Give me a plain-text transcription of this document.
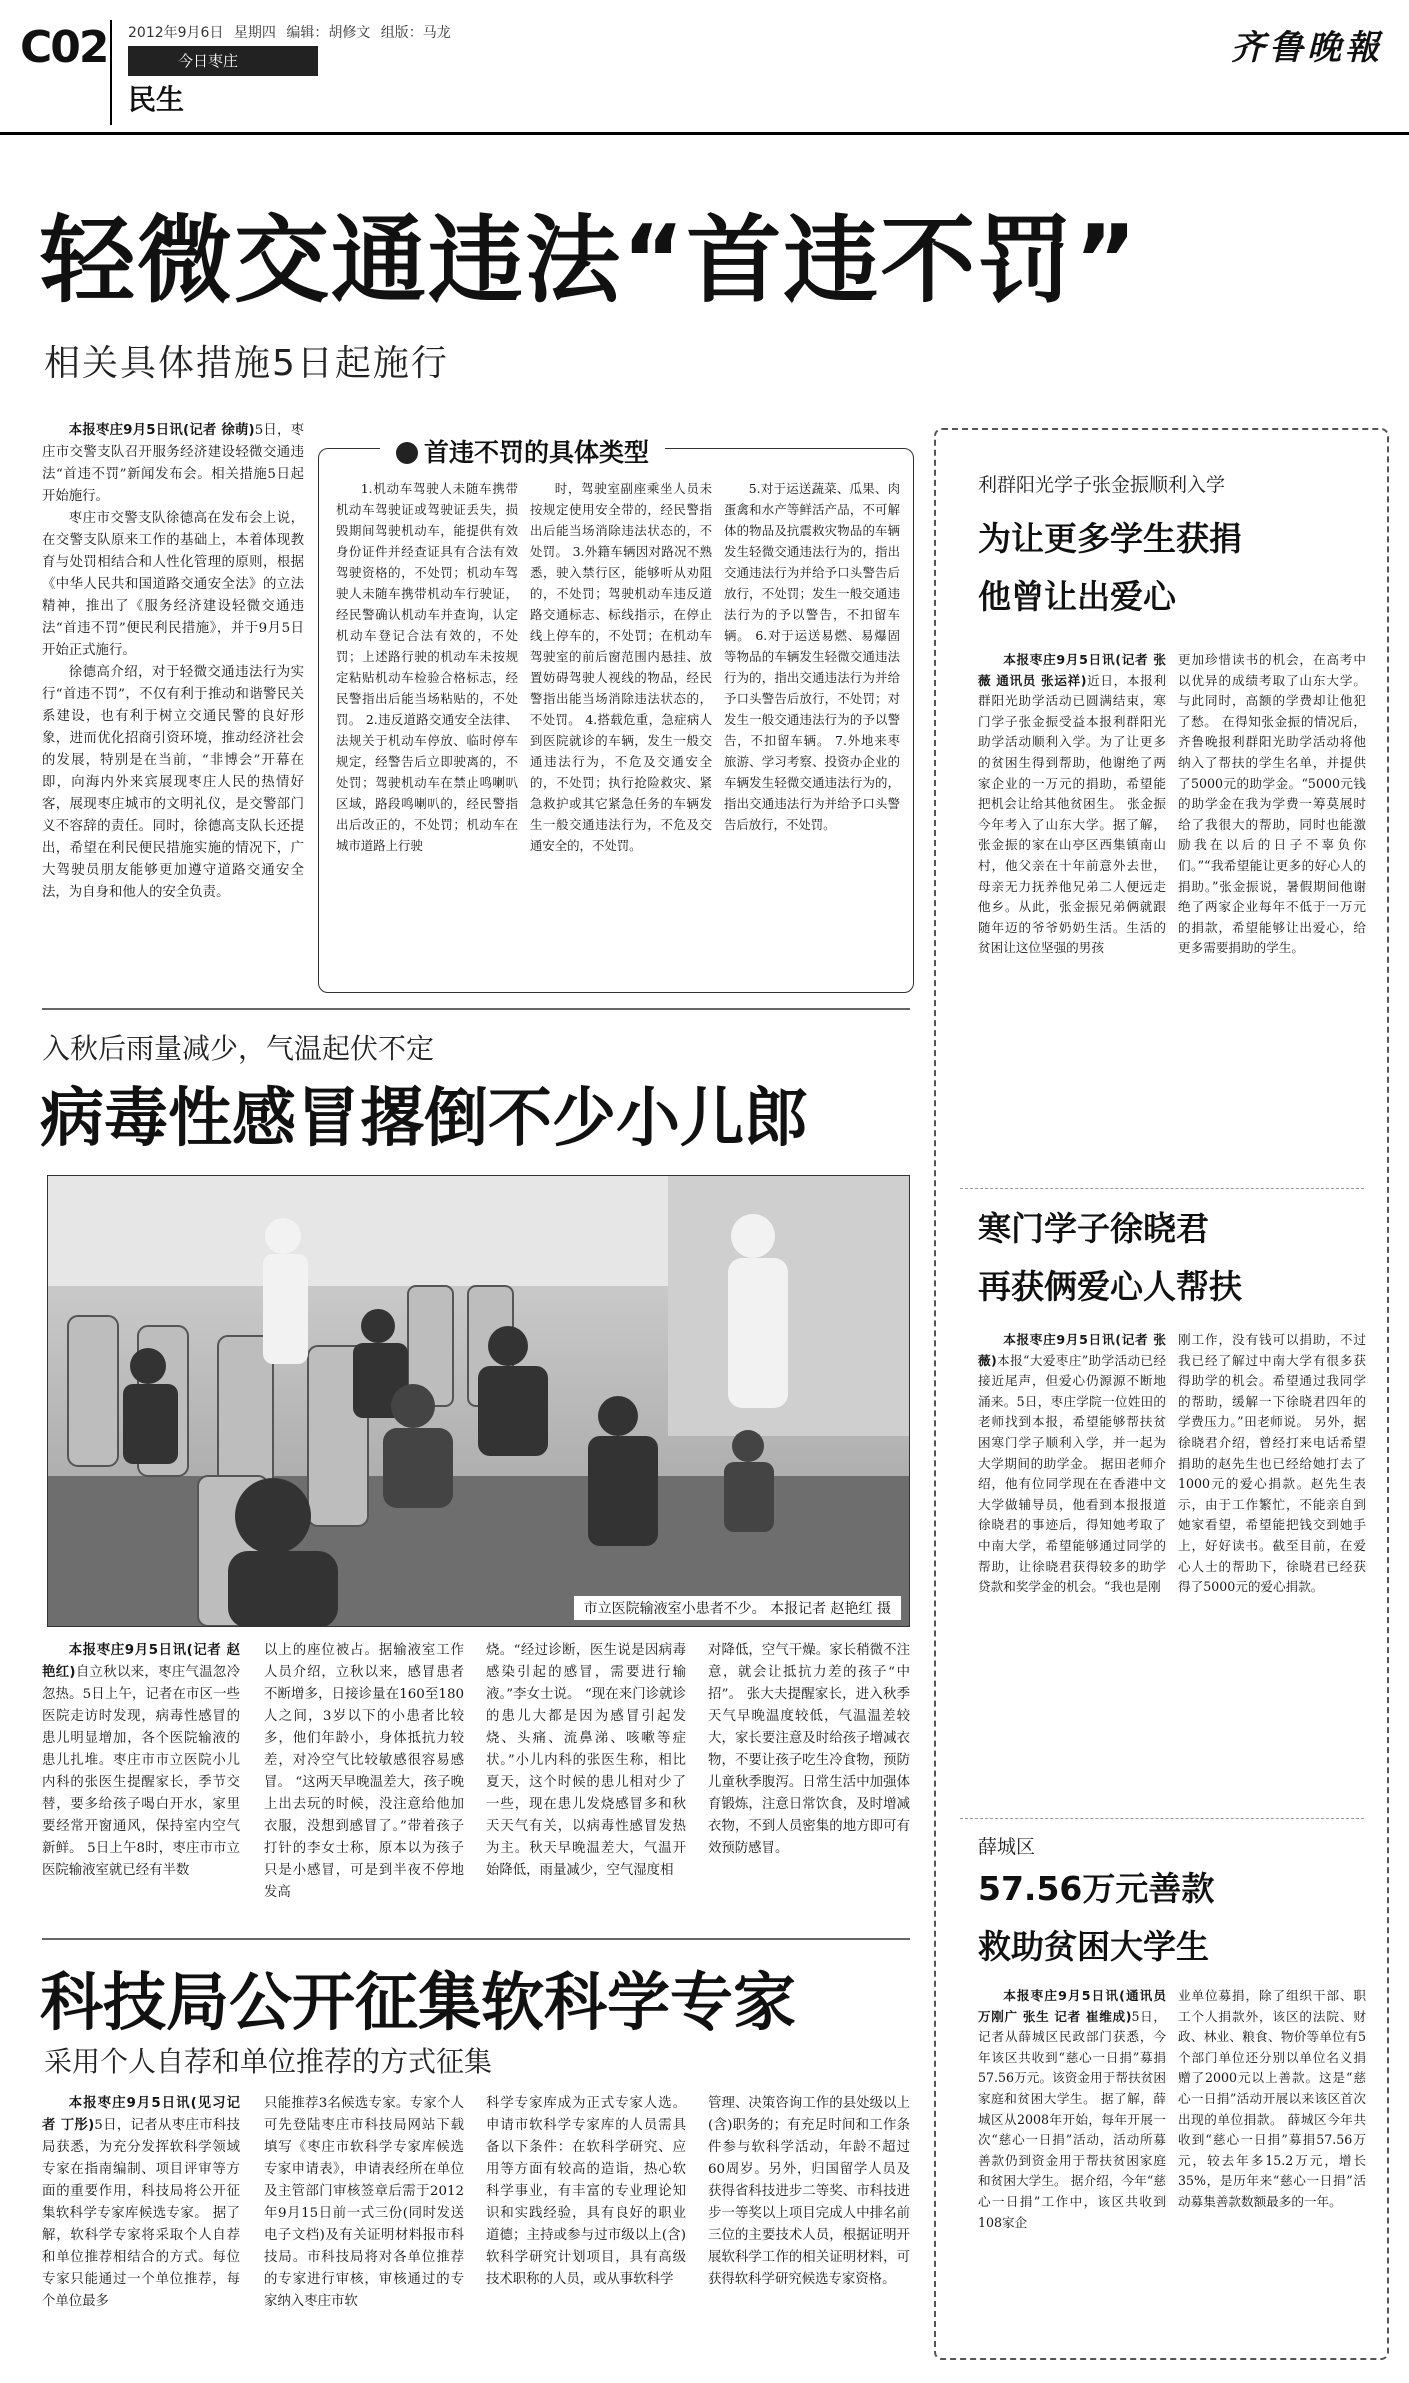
C02 2012年9月6日 星期四 编辑：胡修文 组版：马龙
今日枣庄
民生
齐鲁晚報
轻微交通违法“首违不罚”
相关具体措施5日起施行

本报枣庄9月5日讯(记者 徐萌)5日，枣庄市交警支队召开服务经济建设轻微交通违法“首违不罚”新闻发布会。相关措施5日起开始施行。

枣庄市交警支队徐德高在发布会上说，在交警支队原来工作的基础上，本着体现教育与处罚相结合和人性化管理的原则，根据《中华人民共和国道路交通安全法》的立法精神，推出了《服务经济建设轻微交通违法“首违不罚”便民利民措施》，并于9月5日开始正式施行。

徐德高介绍，对于轻微交通违法行为实行“首违不罚”，不仅有利于推动和谐警民关系建设，也有利于树立交通民警的良好形象，进而优化招商引资环境，推动经济社会的发展，特别是在当前，“非博会”开幕在即，向海内外来宾展现枣庄人民的热情好客，展现枣庄城市的文明礼仪，是交警部门义不容辞的责任。同时，徐德高支队长还提出，希望在利民便民措施实施的情况下，广大驾驶员朋友能够更加遵守道路交通安全法，为自身和他人的安全负责。

首违不罚的具体类型
1.机动车驾驶人未随车携带机动车驾驶证或驾驶证丢失，损毁期间驾驶机动车，能提供有效身份证件并经查证具有合法有效驾驶资格的，不处罚；机动车驾驶人未随车携带机动车行驶证，经民警确认机动车并查询，认定机动车登记合法有效的，不处罚；上述路行驶的机动车未按规定粘贴机动车检验合格标志，经民警指出后能当场粘贴的，不处罚。 2.违反道路交通安全法律、法规关于机动车停放、临时停车规定，经警告后立即驶离的，不处罚；驾驶机动车在禁止鸣喇叭区域，路段鸣喇叭的，经民警指出后改正的，不处罚；机动车在城市道路上行驶
时，驾驶室副座乘坐人员未按规定使用安全带的，经民警指出后能当场消除违法状态的，不处罚。 3.外籍车辆因对路况不熟悉，驶入禁行区，能够听从劝阻的，不处罚；驾驶机动车违反道路交通标志、标线指示，在停止线上停车的，不处罚；在机动车驾驶室的前后窗范围内悬挂、放置妨碍驾驶人视线的物品，经民警指出能当场消除违法状态的，不处罚。 4.搭载危重，急症病人到医院就诊的车辆，发生一般交通违法行为，不危及交通安全的，不处罚；执行抢险救灾、紧急救护或其它紧急任务的车辆发生一般交通违法行为，不危及交通安全的，不处罚。
5.对于运送蔬菜、瓜果、肉蛋禽和水产等鲜活产品，不可解体的物品及抗震救灾物品的车辆发生轻微交通违法行为的，指出交通违法行为并给予口头警告后放行，不处罚；发生一般交通违法行为的予以警告，不扣留车辆。 6.对于运送易燃、易爆固等物品的车辆发生轻微交通违法行为的，指出交通违法行为并给予口头警告后放行，不处罚；对发生一般交通违法行为的予以警告，不扣留车辆。 7.外地来枣旅游、学习考察、投资办企业的车辆发生轻微交通违法行为的，指出交通违法行为并给予口头警告后放行，不处罚。
入秋后雨量减少，气温起伏不定
病毒性感冒撂倒不少小儿郎
市立医院输液室小患者不少。 本报记者 赵艳红 摄
本报枣庄9月5日讯(记者 赵艳红)自立秋以来，枣庄气温忽冷忽热。5日上午，记者在市区一些医院走访时发现，病毒性感冒的患儿明显增加，各个医院输液的患儿扎堆。枣庄市市立医院小儿内科的张医生提醒家长，季节交替，要多给孩子喝白开水，家里要经常开窗通风，保持室内空气新鲜。 5日上午8时，枣庄市市立医院输液室就已经有半数
以上的座位被占。据输液室工作人员介绍，立秋以来，感冒患者不断增多，日接诊量在160至180人之间，3岁以下的小患者比较多，他们年龄小，身体抵抗力较差，对冷空气比较敏感很容易感冒。 “这两天早晚温差大，孩子晚上出去玩的时候，没注意给他加衣服，没想到感冒了。”带着孩子打针的李女士称，原本以为孩子只是小感冒，可是到半夜不停地发高
烧。“经过诊断，医生说是因病毒感染引起的感冒，需要进行输液。”李女士说。 “现在来门诊就诊的患儿大都是因为感冒引起发烧、头痛、流鼻涕、咳嗽等症状。”小儿内科的张医生称，相比夏天，这个时候的患儿相对少了一些，现在患儿发烧感冒多和秋天天气有关，以病毒性感冒发热为主。秋天早晚温差大，气温开始降低，雨量减少，空气湿度相
对降低，空气干燥。家长稍微不注意，就会让抵抗力差的孩子“中招”。 张大夫提醒家长，进入秋季天气早晚温度较低，气温温差较大，家长要注意及时给孩子增减衣物，不要让孩子吃生冷食物，预防儿童秋季腹泻。日常生活中加强体育锻炼，注意日常饮食，及时增减衣物，不到人员密集的地方即可有效预防感冒。
科技局公开征集软科学专家
采用个人自荐和单位推荐的方式征集
本报枣庄9月5日讯(见习记者 丁彤)5日，记者从枣庄市科技局获悉，为充分发挥软科学领域专家在指南编制、项目评审等方面的重要作用，科技局将公开征集软科学专家库候选专家。 据了解，软科学专家将采取个人自荐和单位推荐相结合的方式。每位专家只能通过一个单位推荐，每个单位最多
只能推荐3名候选专家。专家个人可先登陆枣庄市科技局网站下载填写《枣庄市软科学专家库候选专家申请表》，申请表经所在单位及主管部门审核签章后需于2012年9月15日前一式三份(同时发送电子文档)及有关证明材料报市科技局。市科技局将对各单位推荐的专家进行审核，审核通过的专家纳入枣庄市软
科学专家库成为正式专家人选。 申请市软科学专家库的人员需具备以下条件：在软科学研究、应用等方面有较高的造诣，热心软科学事业，有丰富的专业理论知识和实践经验，具有良好的职业道德；主持或参与过市级以上(含)软科学研究计划项目，具有高级技术职称的人员，或从事软科学
管理、决策咨询工作的县处级以上(含)职务的；有充足时间和工作条件参与软科学活动，年龄不超过60周岁。另外，归国留学人员及获得省科技进步二等奖、市科技进步一等奖以上项目完成人中排名前三位的主要技术人员，根据证明开展软科学工作的相关证明材料，可获得软科学研究候选专家资格。
利群阳光学子张金振顺利入学
为让更多学生获捐
他曾让出爱心
本报枣庄9月5日讯(记者 张薇 通讯员 张运祥)近日，本报利群阳光助学活动已圆满结束，寒门学子张金振受益本报利群阳光助学活动顺利入学。为了让更多的贫困生得到帮助，他谢绝了两家企业的一万元的捐助，希望能把机会让给其他贫困生。 张金振今年考入了山东大学。据了解，张金振的家在山亭区西集镇南山村，他父亲在十年前意外去世，母亲无力抚养他兄弟二人便远走他乡。从此，张金振兄弟俩就跟随年迈的爷爷奶奶生活。生活的贫困让这位坚强的男孩
更加珍惜读书的机会，在高考中以优异的成绩考取了山东大学。与此同时，高额的学费却让他犯了愁。 在得知张金振的情况后，齐鲁晚报利群阳光助学活动将他纳入了帮扶的学生名单，并提供了5000元的助学金。“5000元钱的助学金在我为学费一筹莫展时给了我很大的帮助，同时也能激励我在以后的日子不辜负你们。”“我希望能让更多的好心人的捐助。”张金振说，暑假期间他谢绝了两家企业每年不低于一万元的捐款，希望能够让出爱心，给更多需要捐助的学生。
寒门学子徐晓君
再获俩爱心人帮扶
本报枣庄9月5日讯(记者 张薇)本报“大爱枣庄”助学活动已经接近尾声，但爱心仍源源不断地涌来。5日，枣庄学院一位姓田的老师找到本报，希望能够帮扶贫困寒门学子顺利入学，并一起为大学期间的助学金。 据田老师介绍，他有位同学现在在香港中文大学做辅导员，他看到本报报道徐晓君的事迹后，得知她考取了中南大学，希望能够通过同学的帮助，让徐晓君获得较多的助学贷款和奖学金的机会。“我也是刚
刚工作，没有钱可以捐助，不过我已经了解过中南大学有很多获得助学的机会。希望通过我同学的帮助，缓解一下徐晓君四年的学费压力。”田老师说。 另外，据徐晓君介绍，曾经打来电话希望捐助的赵先生也已经给她打去了1000元的爱心捐款。赵先生表示，由于工作繁忙，不能亲自到她家看望，希望能把钱交到她手上，好好读书。截至目前，在爱心人士的帮助下，徐晓君已经获得了5000元的爱心捐款。
薛城区
57.56万元善款
救助贫困大学生
本报枣庄9月5日讯(通讯员 万刚广 张生 记者 崔维成)5日，记者从薛城区民政部门获悉，今年该区共收到“慈心一日捐”募捐57.56万元。该资金用于帮扶贫困家庭和贫困大学生。 据了解，薛城区从2008年开始，每年开展一次“慈心一日捐”活动，活动所募善款仍到资金用于帮扶贫困家庭和贫困大学生。 据介绍，今年“慈心一日捐”工作中，该区共收到108家企
业单位募捐，除了组织干部、职工个人捐款外，该区的法院、财政、林业、粮食、物价等单位有5个部门单位还分别以单位名义捐赠了2000元以上善款。这是“慈心一日捐”活动开展以来该区首次出现的单位捐款。 薛城区今年共收到“慈心一日捐”募捐57.56万元，较去年多15.2万元，增长35%，是历年来“慈心一日捐”活动募集善款数额最多的一年。
